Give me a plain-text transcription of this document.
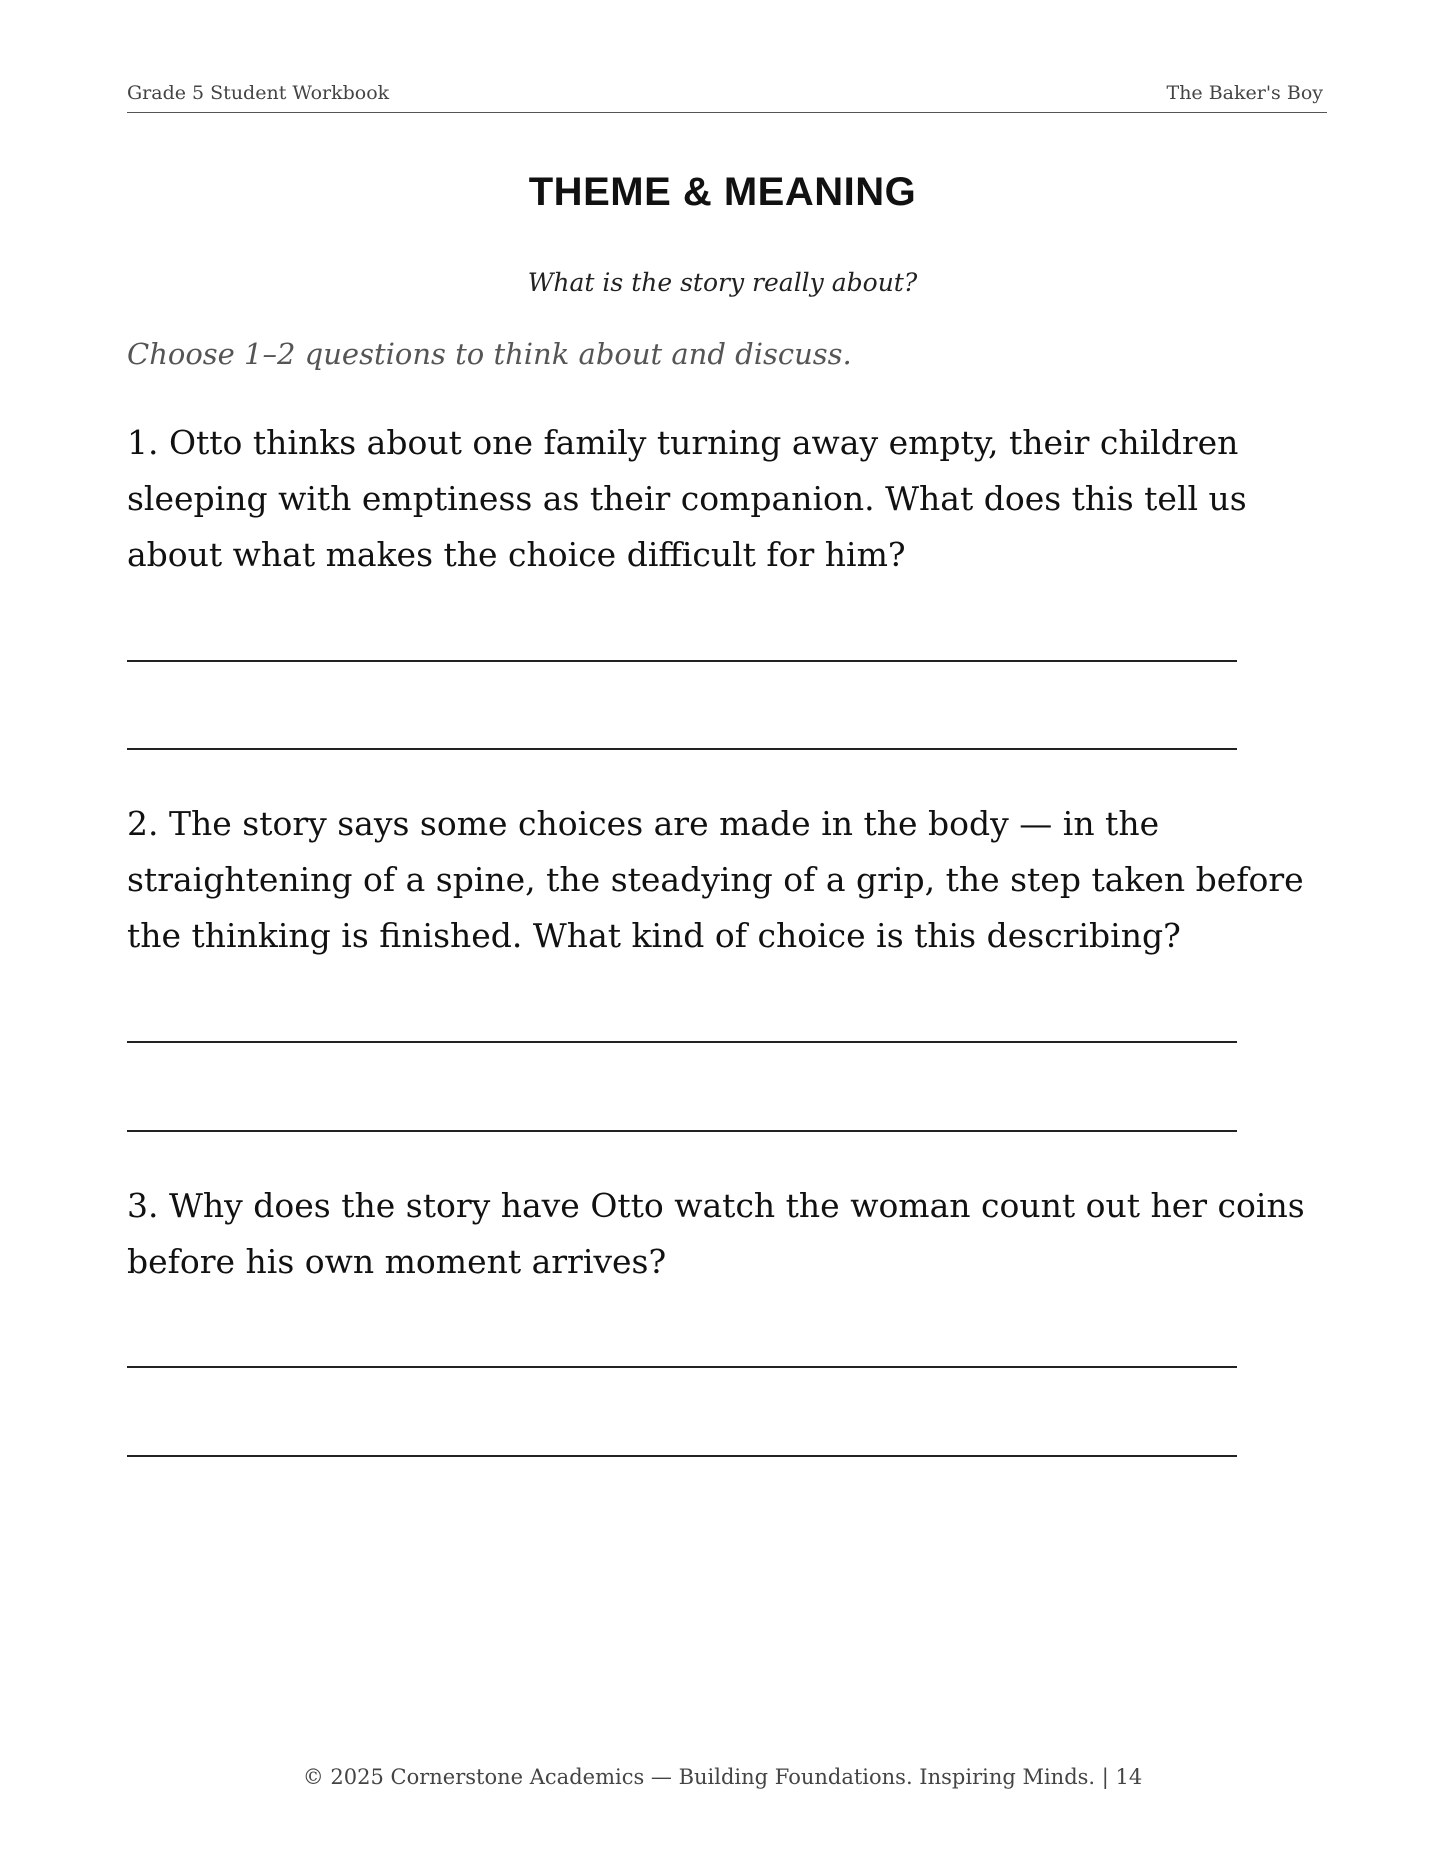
Grade 5 Student Workbook	The Baker's Boy
THEME & MEANING
What is the story really about?
Choose 1–2 questions to think about and discuss.
1. Otto thinks about one family turning away empty, their children sleeping with emptiness as their companion. What does this tell us about what makes the choice difficult for him?
2. The story says some choices are made in the body — in the straightening of a spine, the steadying of a grip, the step taken before the thinking is finished. What kind of choice is this describing?
3. Why does the story have Otto watch the woman count out her coins before his own moment arrives?
© 2025 Cornerstone Academics — Building Foundations. Inspiring Minds. | 14
